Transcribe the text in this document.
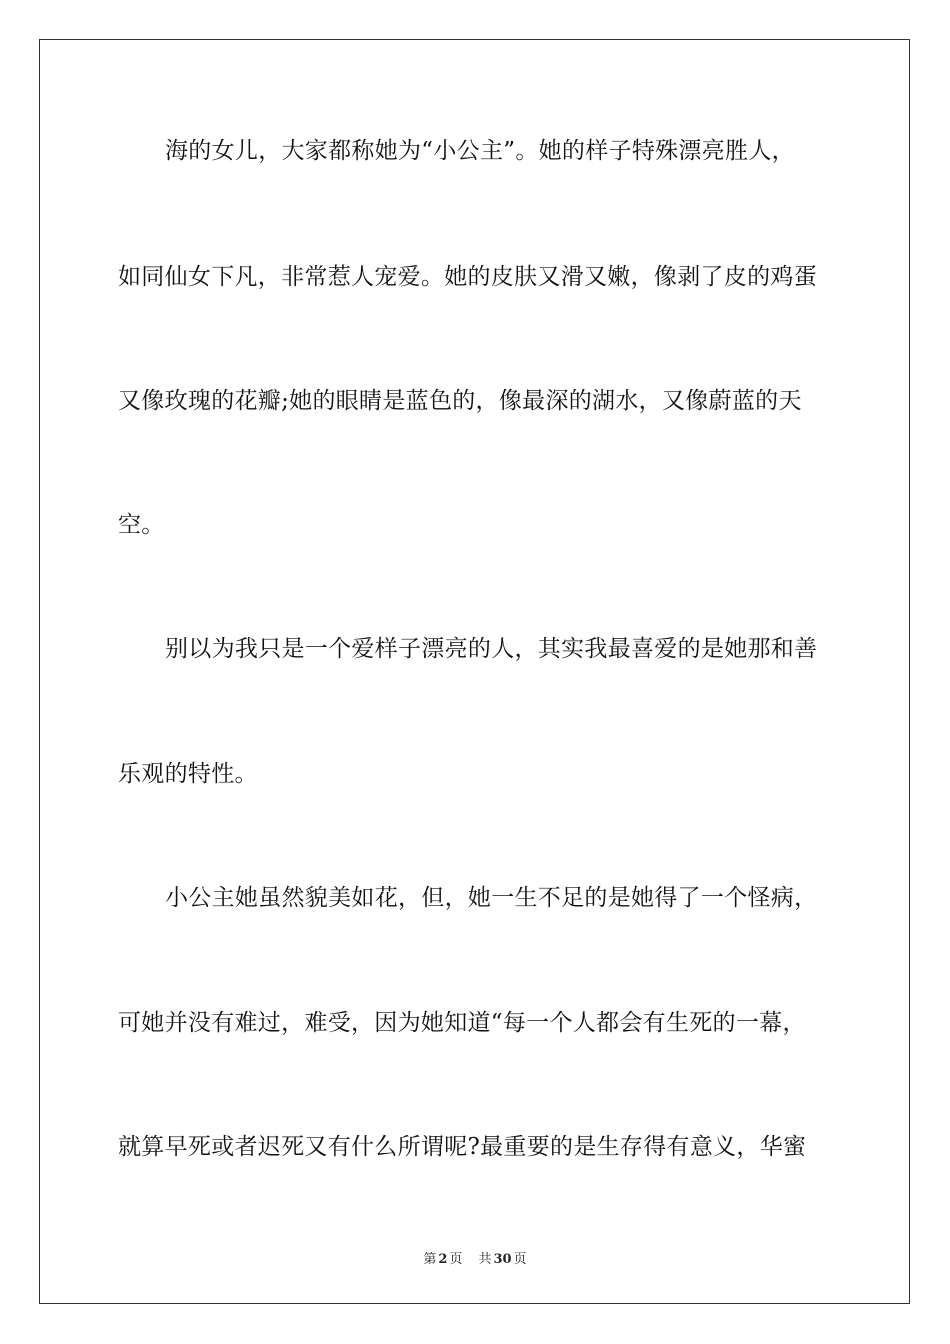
海的女儿，大家都称她为“小公主”。她的样子特殊漂亮胜人，
如同仙女下凡，非常惹人宠爱。她的皮肤又滑又嫩，像剥了皮的鸡蛋
又像玫瑰的花瓣;她的眼睛是蓝色的，像最深的湖水，又像蔚蓝的天
空。
别以为我只是一个爱样子漂亮的人，其实我最喜爱的是她那和善
乐观的特性。
小公主她虽然貌美如花，但，她一生不足的是她得了一个怪病，
可她并没有难过，难受，因为她知道“每一个人都会有生死的一幕，
就算早死或者迟死又有什么所谓呢?最重要的是生存得有意义，华蜜
第 2 页 共 30 页
